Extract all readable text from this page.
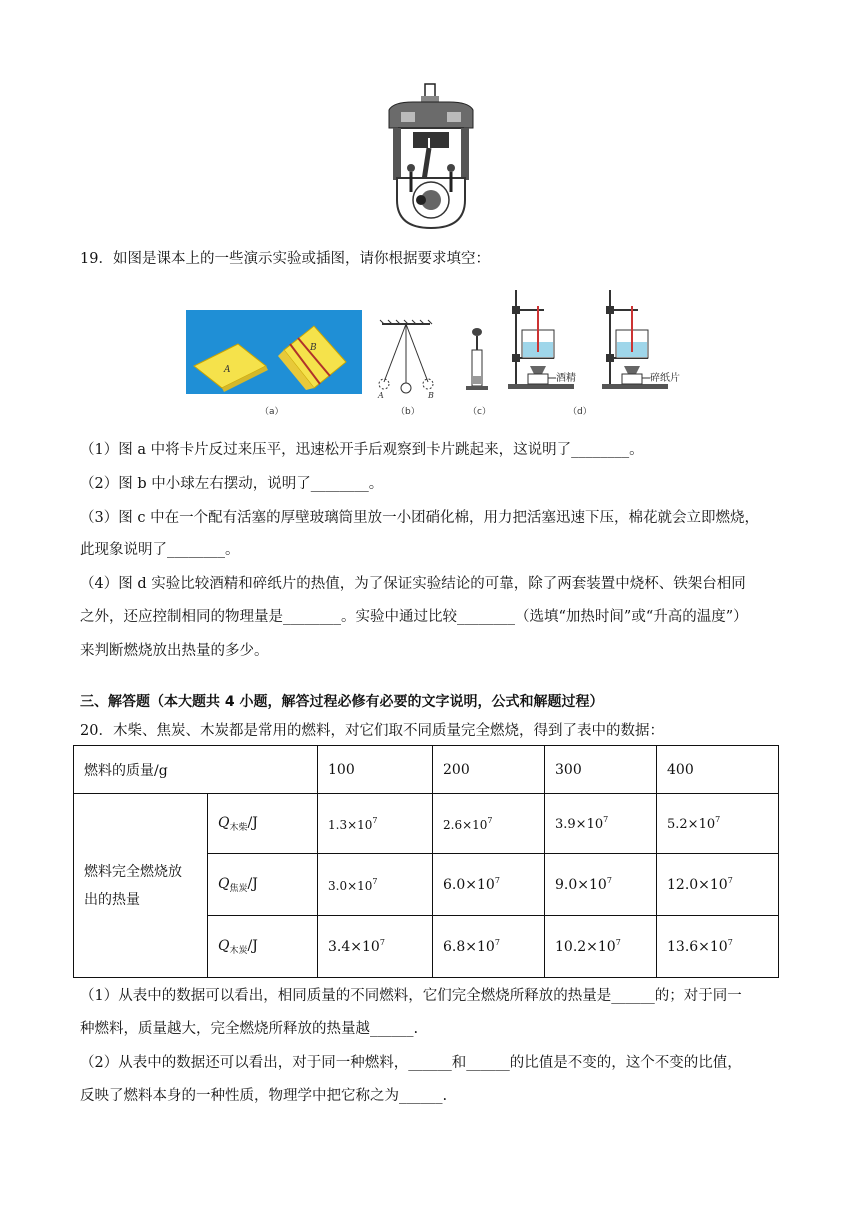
19．如图是课本上的一些演示实验或插图，请你根据要求填空：
A
B
A	B
酒精	碎纸片
（a）	（b）	（c）	（d）
（1）图 a 中将卡片反过来压平，迅速松开手后观察到卡片跳起来，这说明了________。
（2）图 b 中小球左右摆动，说明了________。
（3）图 c 中在一个配有活塞的厚壁玻璃筒里放一小团硝化棉，用力把活塞迅速下压，棉花就会立即燃烧，
此现象说明了________。
（4）图 d 实验比较酒精和碎纸片的热值，为了保证实验结论的可靠，除了两套装置中烧杯、铁架台相同
之外，还应控制相同的物理量是________。实验中通过比较________（选填“加热时间”或“升高的温度”）
来判断燃烧放出热量的多少。
三、解答题（本大题共 4 小题，解答过程必修有必要的文字说明，公式和解题过程）
20．木柴、焦炭、木炭都是常用的燃料，对它们取不同质量完全燃烧，得到了表中的数据：
燃料的质量/g		100	200	300	400
燃料完全燃烧放
出的热量	$Q_{木柴}/J$	$1.3\times 10^7$	$2.6\times 10^7$	$3.9\times 10^7$	$5.2\times 10^7$
	$Q_{焦炭}/J$	$3.0\times 10^7$	$6.0\times 10^7$	$9.0\times 10^7$	$12.0\times 10^7$
	$Q_{木炭}/J$	$3.4\times 10^7$	$6.8\times 10^7$	$10.2\times 10^7$	$13.6\times 10^7$
（1）从表中的数据可以看出，相同质量的不同燃料，它们完全燃烧所释放的热量是______的；对于同一
种燃料，质量越大，完全燃烧所释放的热量越______.
（2）从表中的数据还可以看出，对于同一种燃料，______和______的比值是不变的，这个不变的比值，
反映了燃料本身的一种性质，物理学中把它称之为______.
